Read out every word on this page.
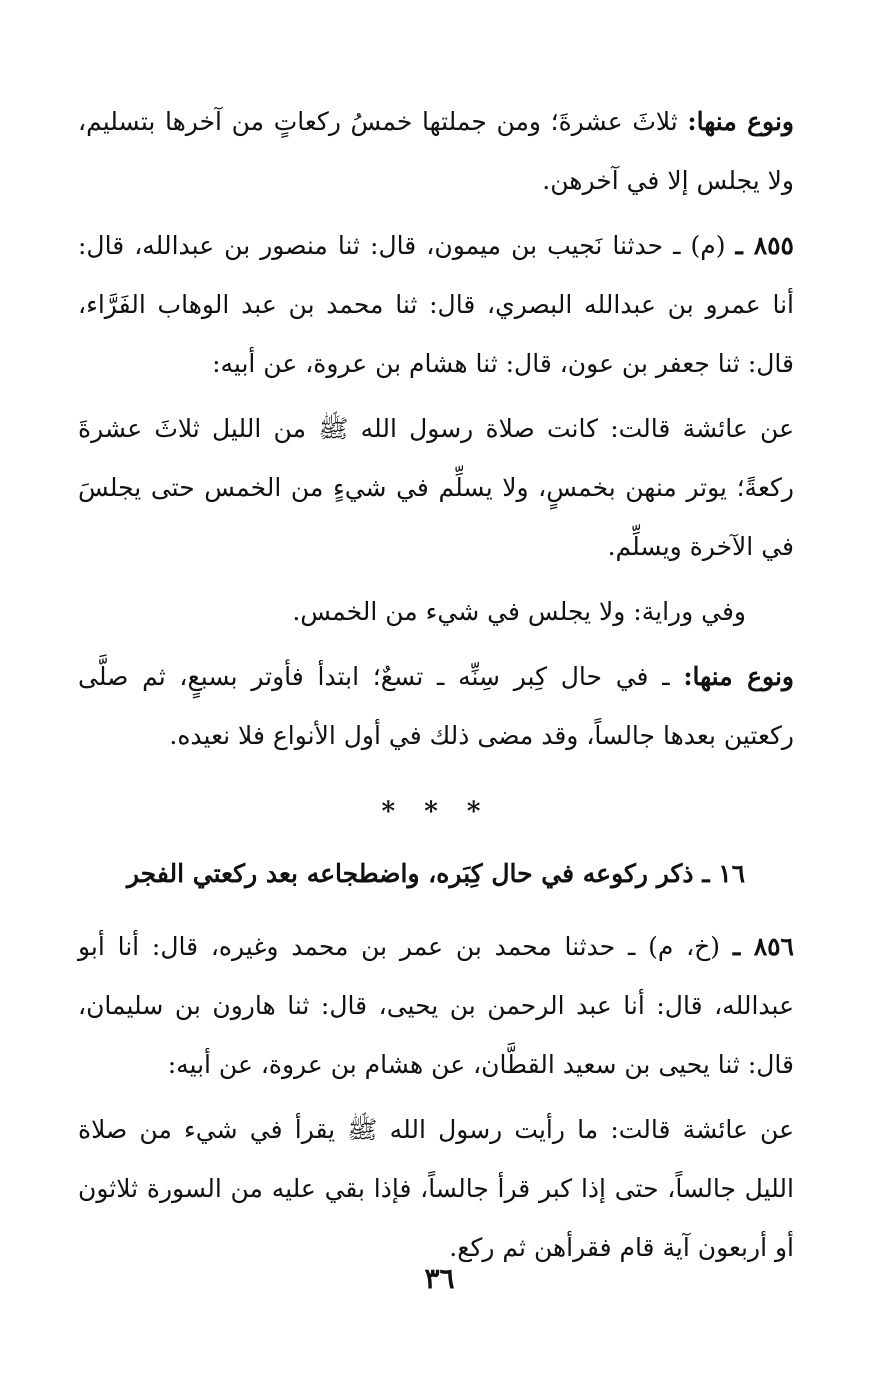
ونوع منها: ثلاثَ عشرةَ؛ ومن جملتها خمسُ ركعاتٍ من آخرها بتسليم، ولا يجلس إلا في آخرهن.

٨٥٥ ـ (م) ـ حدثنا نَجيب بن ميمون، قال: ثنا منصور بن عبدالله، قال: أنا عمرو بن عبدالله البصري، قال: ثنا محمد بن عبد الوهاب الفَرَّاء، قال: ثنا جعفر بن عون، قال: ثنا هشام بن عروة، عن أبيه:

عن عائشة قالت: كانت صلاة رسول الله ﷺ من الليل ثلاثَ عشرةَ ركعةً؛ يوتر منهن بخمسٍ، ولا يسلِّم في شيءٍ من الخمس حتى يجلسَ في الآخرة ويسلِّم.

وفي وراية: ولا يجلس في شيء من الخمس.

ونوع منها: ـ في حال كِبر سِنِّه ـ تسعٌ؛ ابتدأ فأوتر بسبعٍ، ثم صلَّى ركعتين بعدها جالساً، وقد مضى ذلك في أول الأنواع فلا نعيده.

* * *
١٦ ـ ذكر ركوعه في حال كِبَره، واضطجاعه بعد ركعتي الفجر

٨٥٦ ـ (خ، م) ـ حدثنا محمد بن عمر بن محمد وغيره، قال: أنا أبو عبدالله، قال: أنا عبد الرحمن بن يحيى، قال: ثنا هارون بن سليمان، قال: ثنا يحيى بن سعيد القطَّان، عن هشام بن عروة، عن أبيه:

عن عائشة قالت: ما رأيت رسول الله ﷺ يقرأ في شيء من صلاة الليل جالساً، حتى إذا كبر قرأ جالساً، فإذا بقي عليه من السورة ثلاثون أو أربعون آية قام فقرأهن ثم ركع.

٣٦
